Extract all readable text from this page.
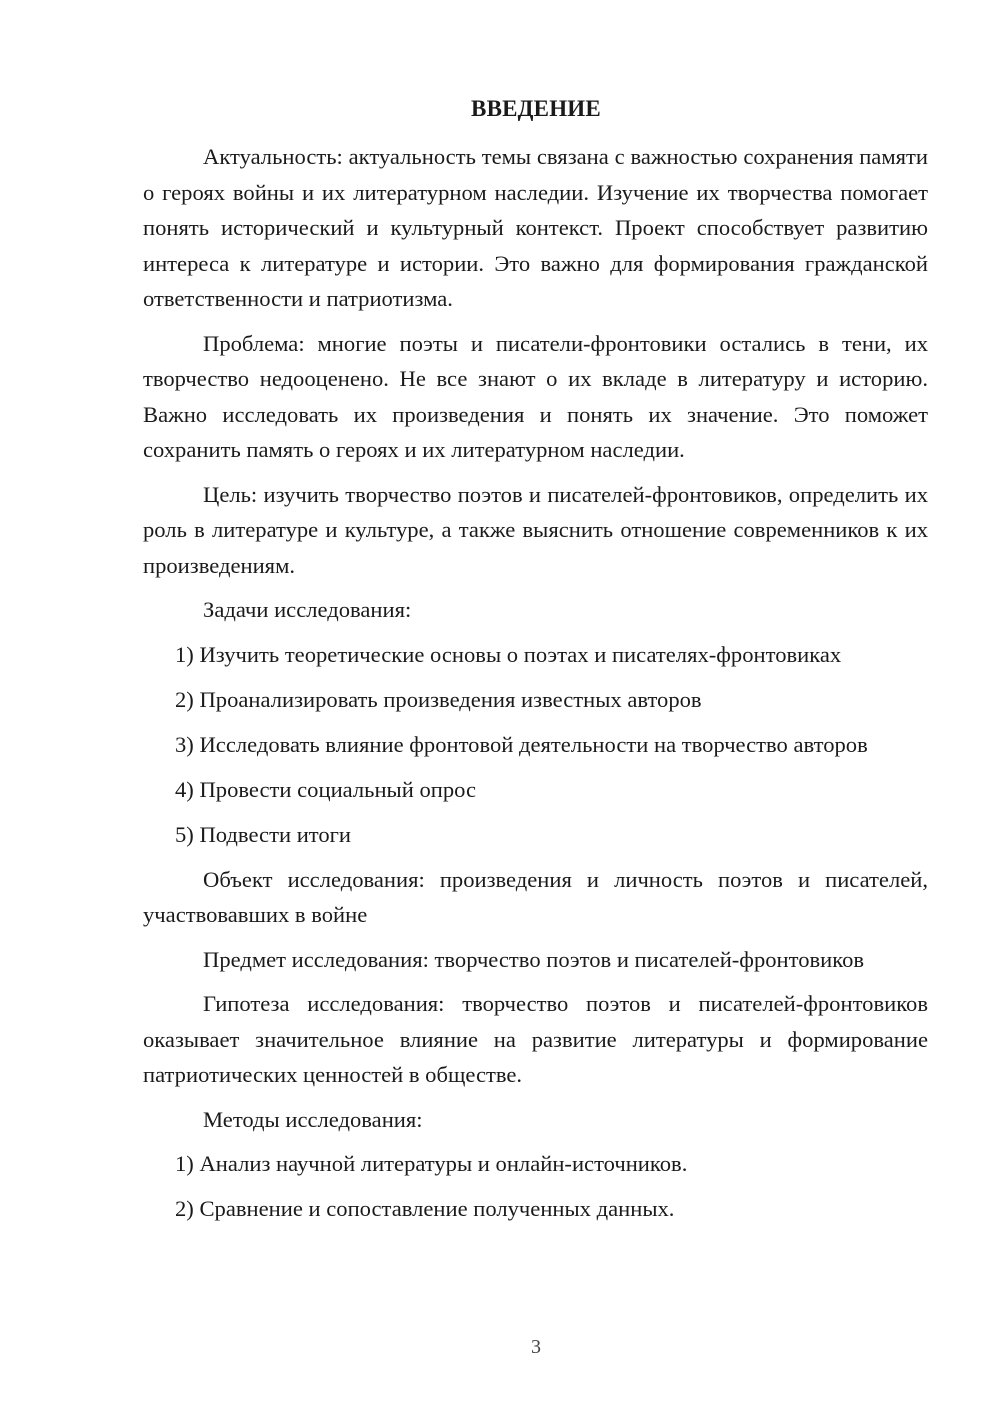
ВВЕДЕНИЕ

Актуальность: актуальность темы связана с важностью сохранения памяти о героях войны и их литературном наследии. Изучение их творчества помогает понять исторический и культурный контекст. Проект способствует развитию интереса к литературе и истории. Это важно для формирования гражданской ответственности и патриотизма.

Проблема: многие поэты и писатели-фронтовики остались в тени, их творчество недооценено. Не все знают о их вкладе в литературу и историю. Важно исследовать их произведения и понять их значение. Это поможет сохранить память о героях и их литературном наследии.

Цель: изучить творчество поэтов и писателей-фронтовиков, определить их роль в литературе и культуре, а также выяснить отношение современников к их произведениям.

Задачи исследования:

1) Изучить теоретические основы о поэтах и писателях-фронтовиках

2) Проанализировать произведения известных авторов

3) Исследовать влияние фронтовой деятельности на творчество авторов

4) Провести социальный опрос

5) Подвести итоги

Объект исследования: произведения и личность поэтов и писателей, участвовавших в войне

Предмет исследования: творчество поэтов и писателей-фронтовиков

Гипотеза исследования: творчество поэтов и писателей-фронтовиков оказывает значительное влияние на развитие литературы и формирование патриотических ценностей в обществе.

Методы исследования:

1) Анализ научной литературы и онлайн-источников.

2) Сравнение и сопоставление полученных данных.

3
